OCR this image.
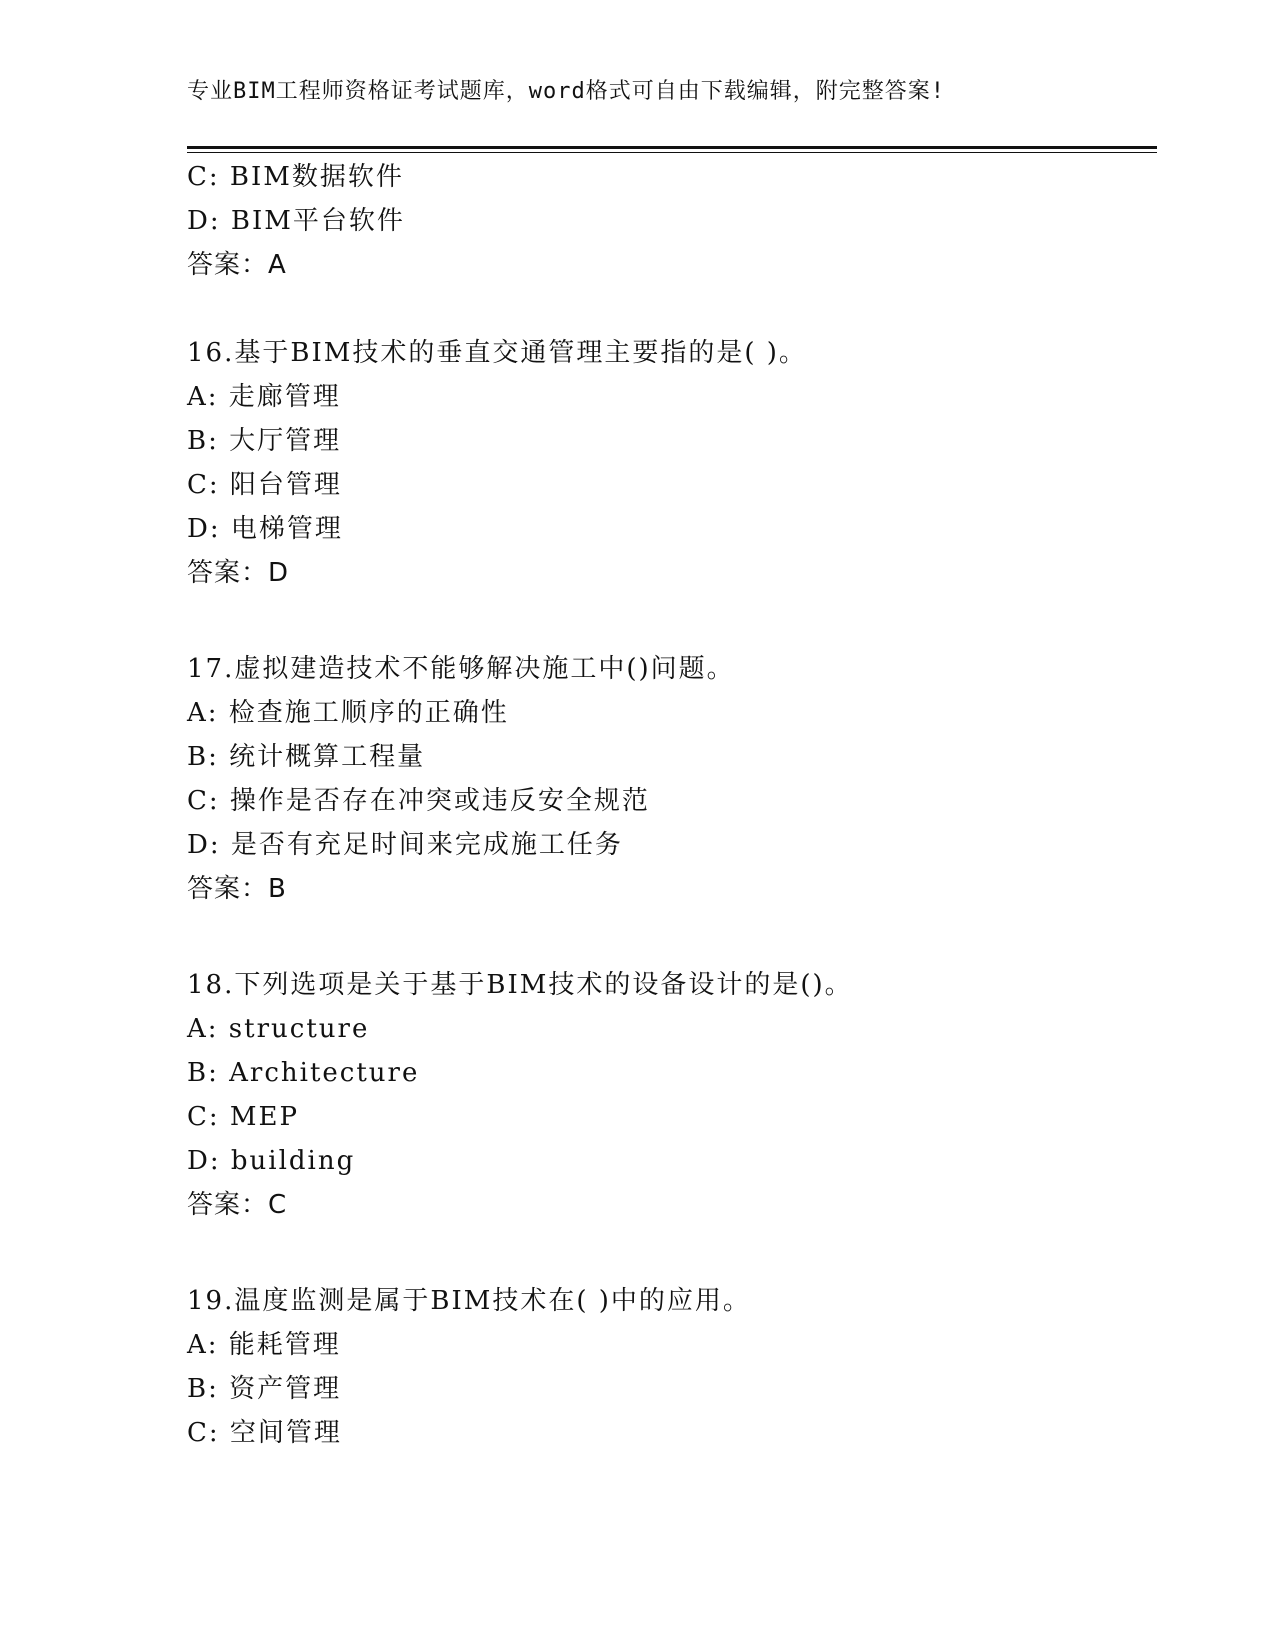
专业BIM工程师资格证考试题库，word格式可自由下载编辑，附完整答案!
C: BIM数据软件
D: BIM平台软件
答案：A
16.基于BIM技术的垂直交通管理主要指的是( )。
A: 走廊管理
B: 大厅管理
C: 阳台管理
D: 电梯管理
答案：D
17.虚拟建造技术不能够解决施工中()问题。
A: 检查施工顺序的正确性
B: 统计概算工程量
C: 操作是否存在冲突或违反安全规范
D: 是否有充足时间来完成施工任务
答案：B
18.下列选项是关于基于BIM技术的设备设计的是()。
A: structure
B: Architecture
C: MEP
D: building
答案：C
19.温度监测是属于BIM技术在( )中的应用。
A: 能耗管理
B: 资产管理
C: 空间管理
